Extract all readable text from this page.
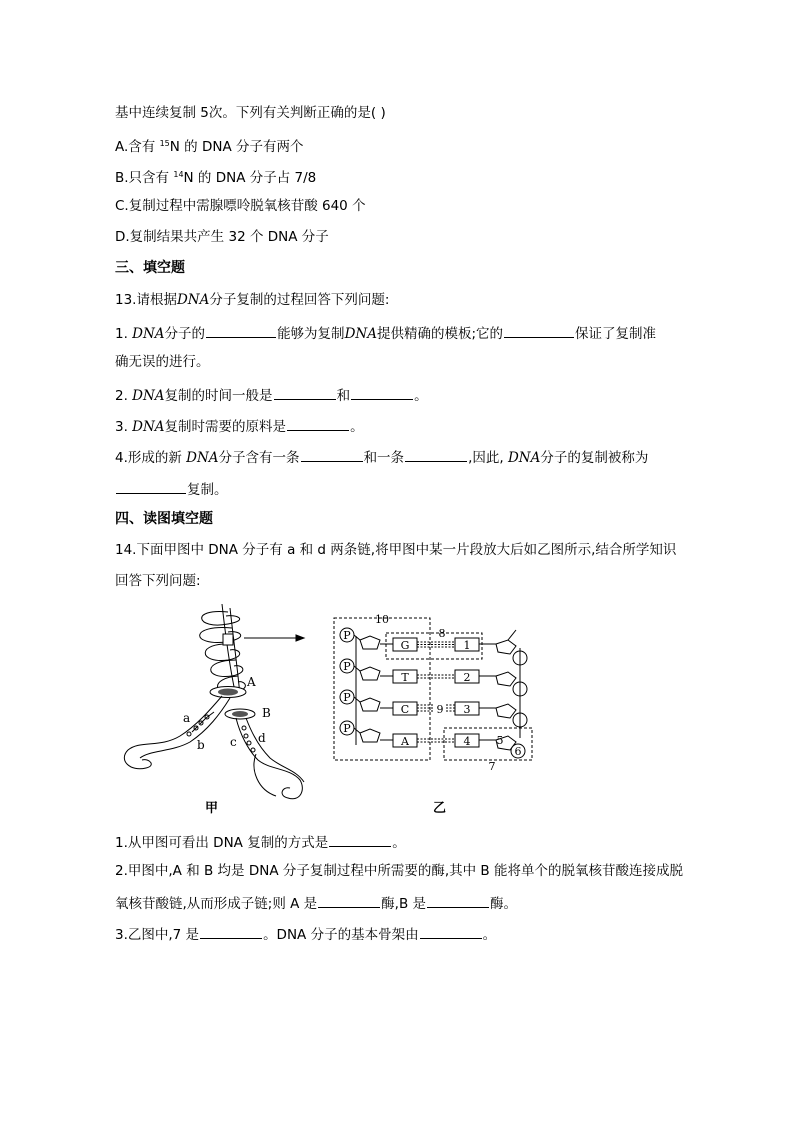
基中连续复制 5次。下列有关判断正确的是( )
A.含有 $^{15}$N 的 DNA 分子有两个
B.只含有 $^{14}$N 的 DNA 分子占 7/8
C.复制过程中需腺嘌呤脱氧核苷酸 640 个
D.复制结果共产生 32 个 DNA 分子
三、填空题
13.请根据DNA分子复制的过程回答下列问题:
1. DNA分子的	能够为复制DNA提供精确的模板;它的	保证了复制准
确无误的进行。
2. DNA复制的时间一般是	和	。
3. DNA复制时需要的原料是	。
4.形成的新 DNA分子含有一条	和一条	,因此, DNA分子的复制被称为
复制。
四、读图填空题
14.下面甲图中 DNA 分子有 a 和 d 两条链,将甲图中某一片段放大后如乙图所示,结合所学知识
回答下列问题:
A
B
a
b c d
甲
P
P
P
P
G
T
C
A
1
2
3
4
10
8
9
5
6
7
乙
1.从甲图可看出 DNA 复制的方式是	。
2.甲图中,A 和 B 均是 DNA 分子复制过程中所需要的酶,其中 B 能将单个的脱氧核苷酸连接成脱
氧核苷酸链,从而形成子链;则 A 是	酶,B 是	酶。
3.乙图中,7 是	。DNA 分子的基本骨架由	。
